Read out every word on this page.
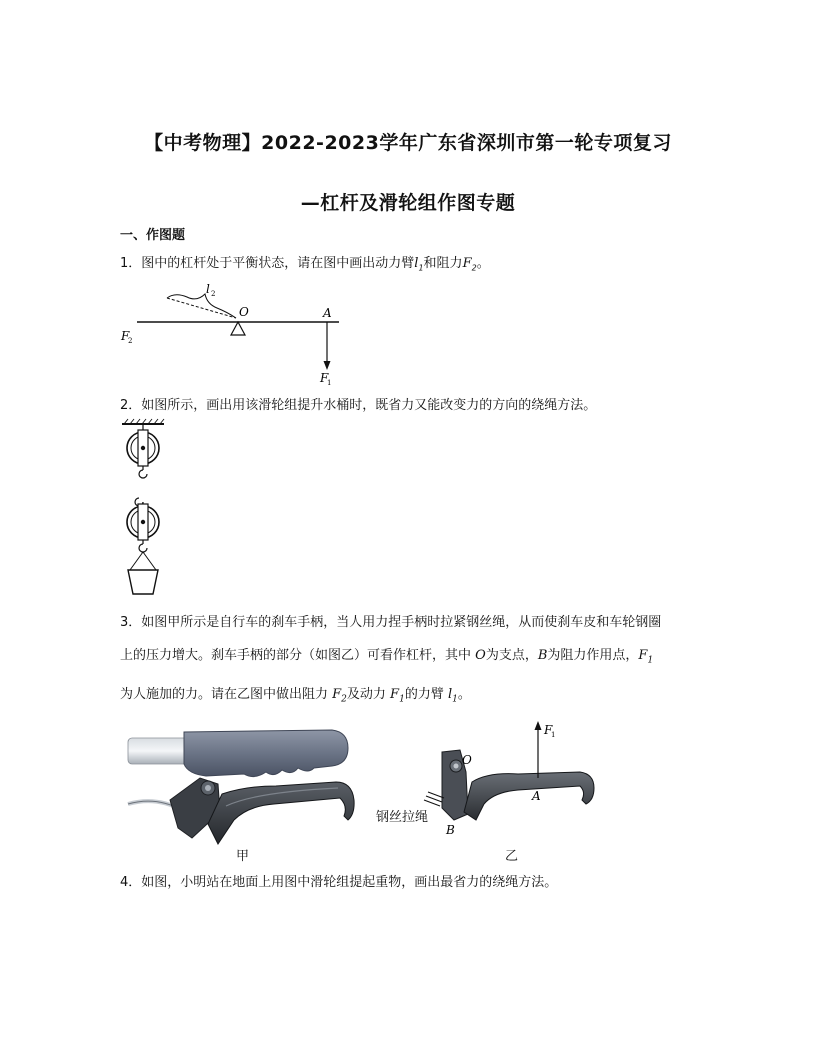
【中考物理】2022-2023学年广东省深圳市第一轮专项复习
—杠杆及滑轮组作图专题
一、作图题
1．图中的杠杆处于平衡状态，请在图中画出动力臂$l_1$和阻力$F_2$。
l 2
O	A
F
1
F
2
2．如图所示，画出用该滑轮组提升水桶时，既省力又能改变力的方向的绕绳方法。
3．如图甲所示是自行车的刹车手柄，当人用力捏手柄时拉紧钢丝绳，从而使刹车皮和车轮钢圈
上的压力增大。刹车手柄的部分（如图乙）可看作杠杆，其中 O为支点，B为阻力作用点，$F_1$
为人施加的力。请在乙图中做出阻力 $F_2$及动力 $F_1$的力臂 $l_1$。
甲
F
1
O
A
B
钢丝拉绳
乙
4．如图，小明站在地面上用图中滑轮组提起重物，画出最省力的绕绳方法。
